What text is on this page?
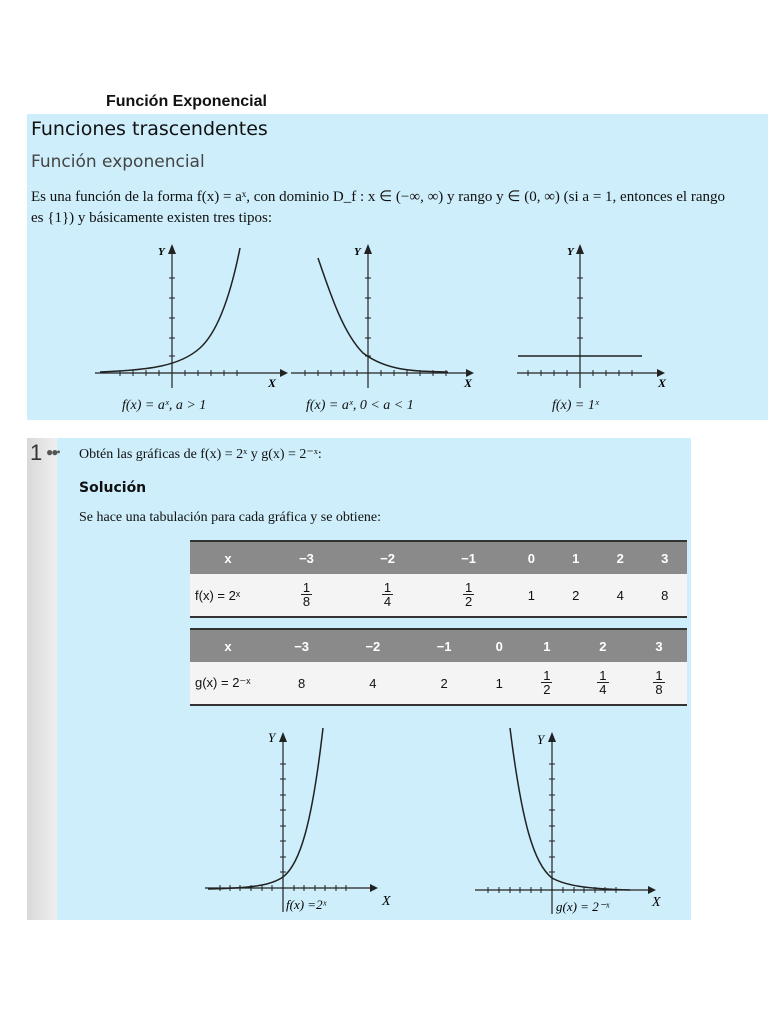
Función Exponencial
Funciones trascendentes
Función exponencial
Es una función de la forma f(x) = aˣ, con dominio D_f : x ∈ (−∞, ∞) y rango y ∈ (0, ∞) (si a = 1, entonces el rango
es {1}) y básicamente existen tres tipos:
Y
X
f(x) = aˣ, a > 1
Y
X
f(x) = aˣ, 0 < a < 1
Y
X
f(x) = 1ˣ
1 ●●• Obtén las gráficas de f(x) = 2ˣ y g(x) = 2⁻ˣ:
Solución
Se hace una tabulación para cada gráfica y se obtiene:
x	−3	−2	−1	0	1	2	3
f(x) = 2ˣ	$\frac{1}{8}$	$\frac{1}{4}$	$\frac{1}{2}$	1	2	4	8
x	−3	−2	−1	0	1	2	3
g(x) = 2⁻ˣ	8	4	2	1	$\frac{1}{2}$	$\frac{1}{4}$	$\frac{1}{8}$
Y
X
f(x) =2ˣ
Y
X
g(x) = 2⁻ˣ
